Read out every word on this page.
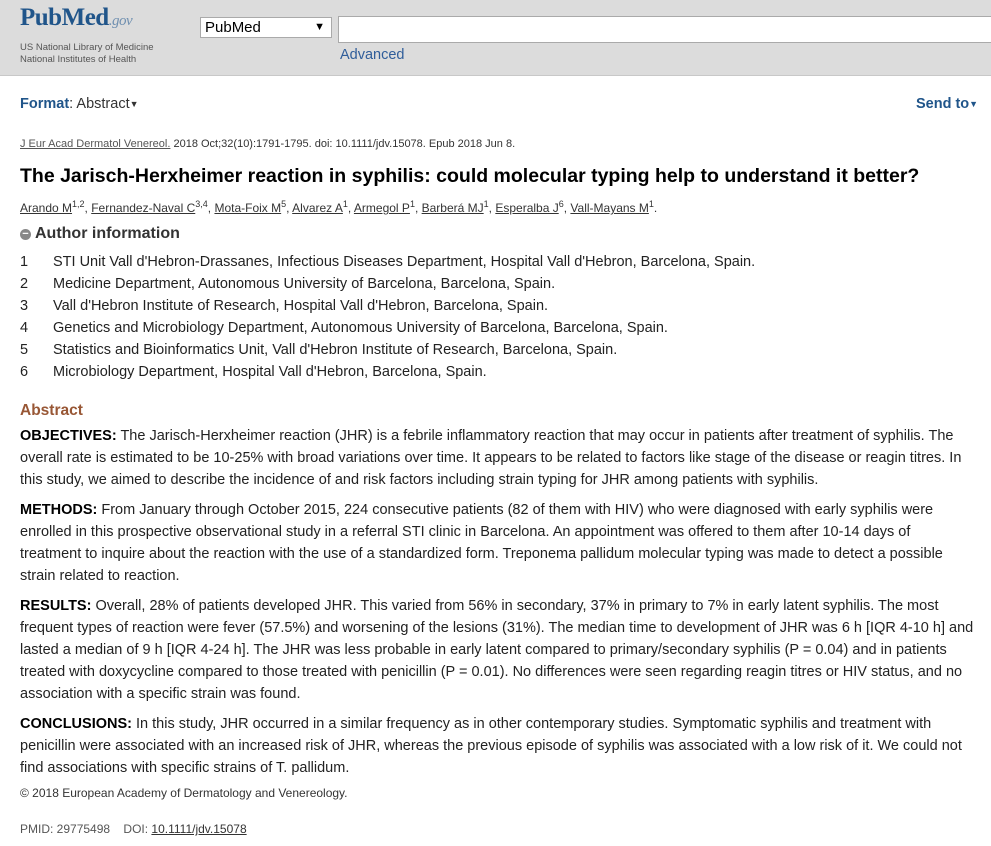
PubMed.gov
US National Library of Medicine
National Institutes of Health
PubMed	▼
Advanced
Format: Abstract▼	Send to▼
J Eur Acad Dermatol Venereol. 2018 Oct;32(10):1791-1795. doi: 10.1111/jdv.15078. Epub 2018 Jun 8.
The Jarisch-Herxheimer reaction in syphilis: could molecular typing help to understand it better?
Arando M$^{1,2}$, Fernandez-Naval C$^{3,4}$, Mota-Foix $M^5$, Alvarez $A^1$, Armegol $P^1$, Barberá $MJ^1$, Esperalba $J^6$, Vall-Mayans $M^1$.
− Author information
1 STI Unit Vall d'Hebron-Drassanes, Infectious Diseases Department, Hospital Vall d'Hebron, Barcelona, Spain.
2 Medicine Department, Autonomous University of Barcelona, Barcelona, Spain.
3 Vall d'Hebron Institute of Research, Hospital Vall d'Hebron, Barcelona, Spain.
4 Genetics and Microbiology Department, Autonomous University of Barcelona, Barcelona, Spain.
5 Statistics and Bioinformatics Unit, Vall d'Hebron Institute of Research, Barcelona, Spain.
6 Microbiology Department, Hospital Vall d'Hebron, Barcelona, Spain.
Abstract

OBJECTIVES: The Jarisch-Herxheimer reaction (JHR) is a febrile inflammatory reaction that may occur in patients after treatment of syphilis. The overall rate is estimated to be 10-25% with broad variations over time. It appears to be related to factors like stage of the disease or reagin titres. In this study, we aimed to describe the incidence of and risk factors including strain typing for JHR among patients with syphilis.

METHODS: From January through October 2015, 224 consecutive patients (82 of them with HIV) who were diagnosed with early syphilis were enrolled in this prospective observational study in a referral STI clinic in Barcelona. An appointment was offered to them after 10-14 days of treatment to inquire about the reaction with the use of a standardized form. Treponema pallidum molecular typing was made to detect a possible strain related to reaction.

RESULTS: Overall, 28% of patients developed JHR. This varied from 56% in secondary, 37% in primary to 7% in early latent syphilis. The most frequent types of reaction were fever (57.5%) and worsening of the lesions (31%). The median time to development of JHR was 6 h [IQR 4-10 h] and lasted a median of 9 h [IQR 4-24 h]. The JHR was less probable in early latent compared to primary/secondary syphilis (P = 0.04) and in patients treated with doxycycline compared to those treated with penicillin (P = 0.01). No differences were seen regarding reagin titres or HIV status, and no association with a specific strain was found.

CONCLUSIONS: In this study, JHR occurred in a similar frequency as in other contemporary studies. Symptomatic syphilis and treatment with penicillin were associated with an increased risk of JHR, whereas the previous episode of syphilis was associated with a low risk of it. We could not find associations with specific strains of T. pallidum.

© 2018 European Academy of Dermatology and Venereology.
PMID: 29775498 DOI: 10.1111/jdv.15078
